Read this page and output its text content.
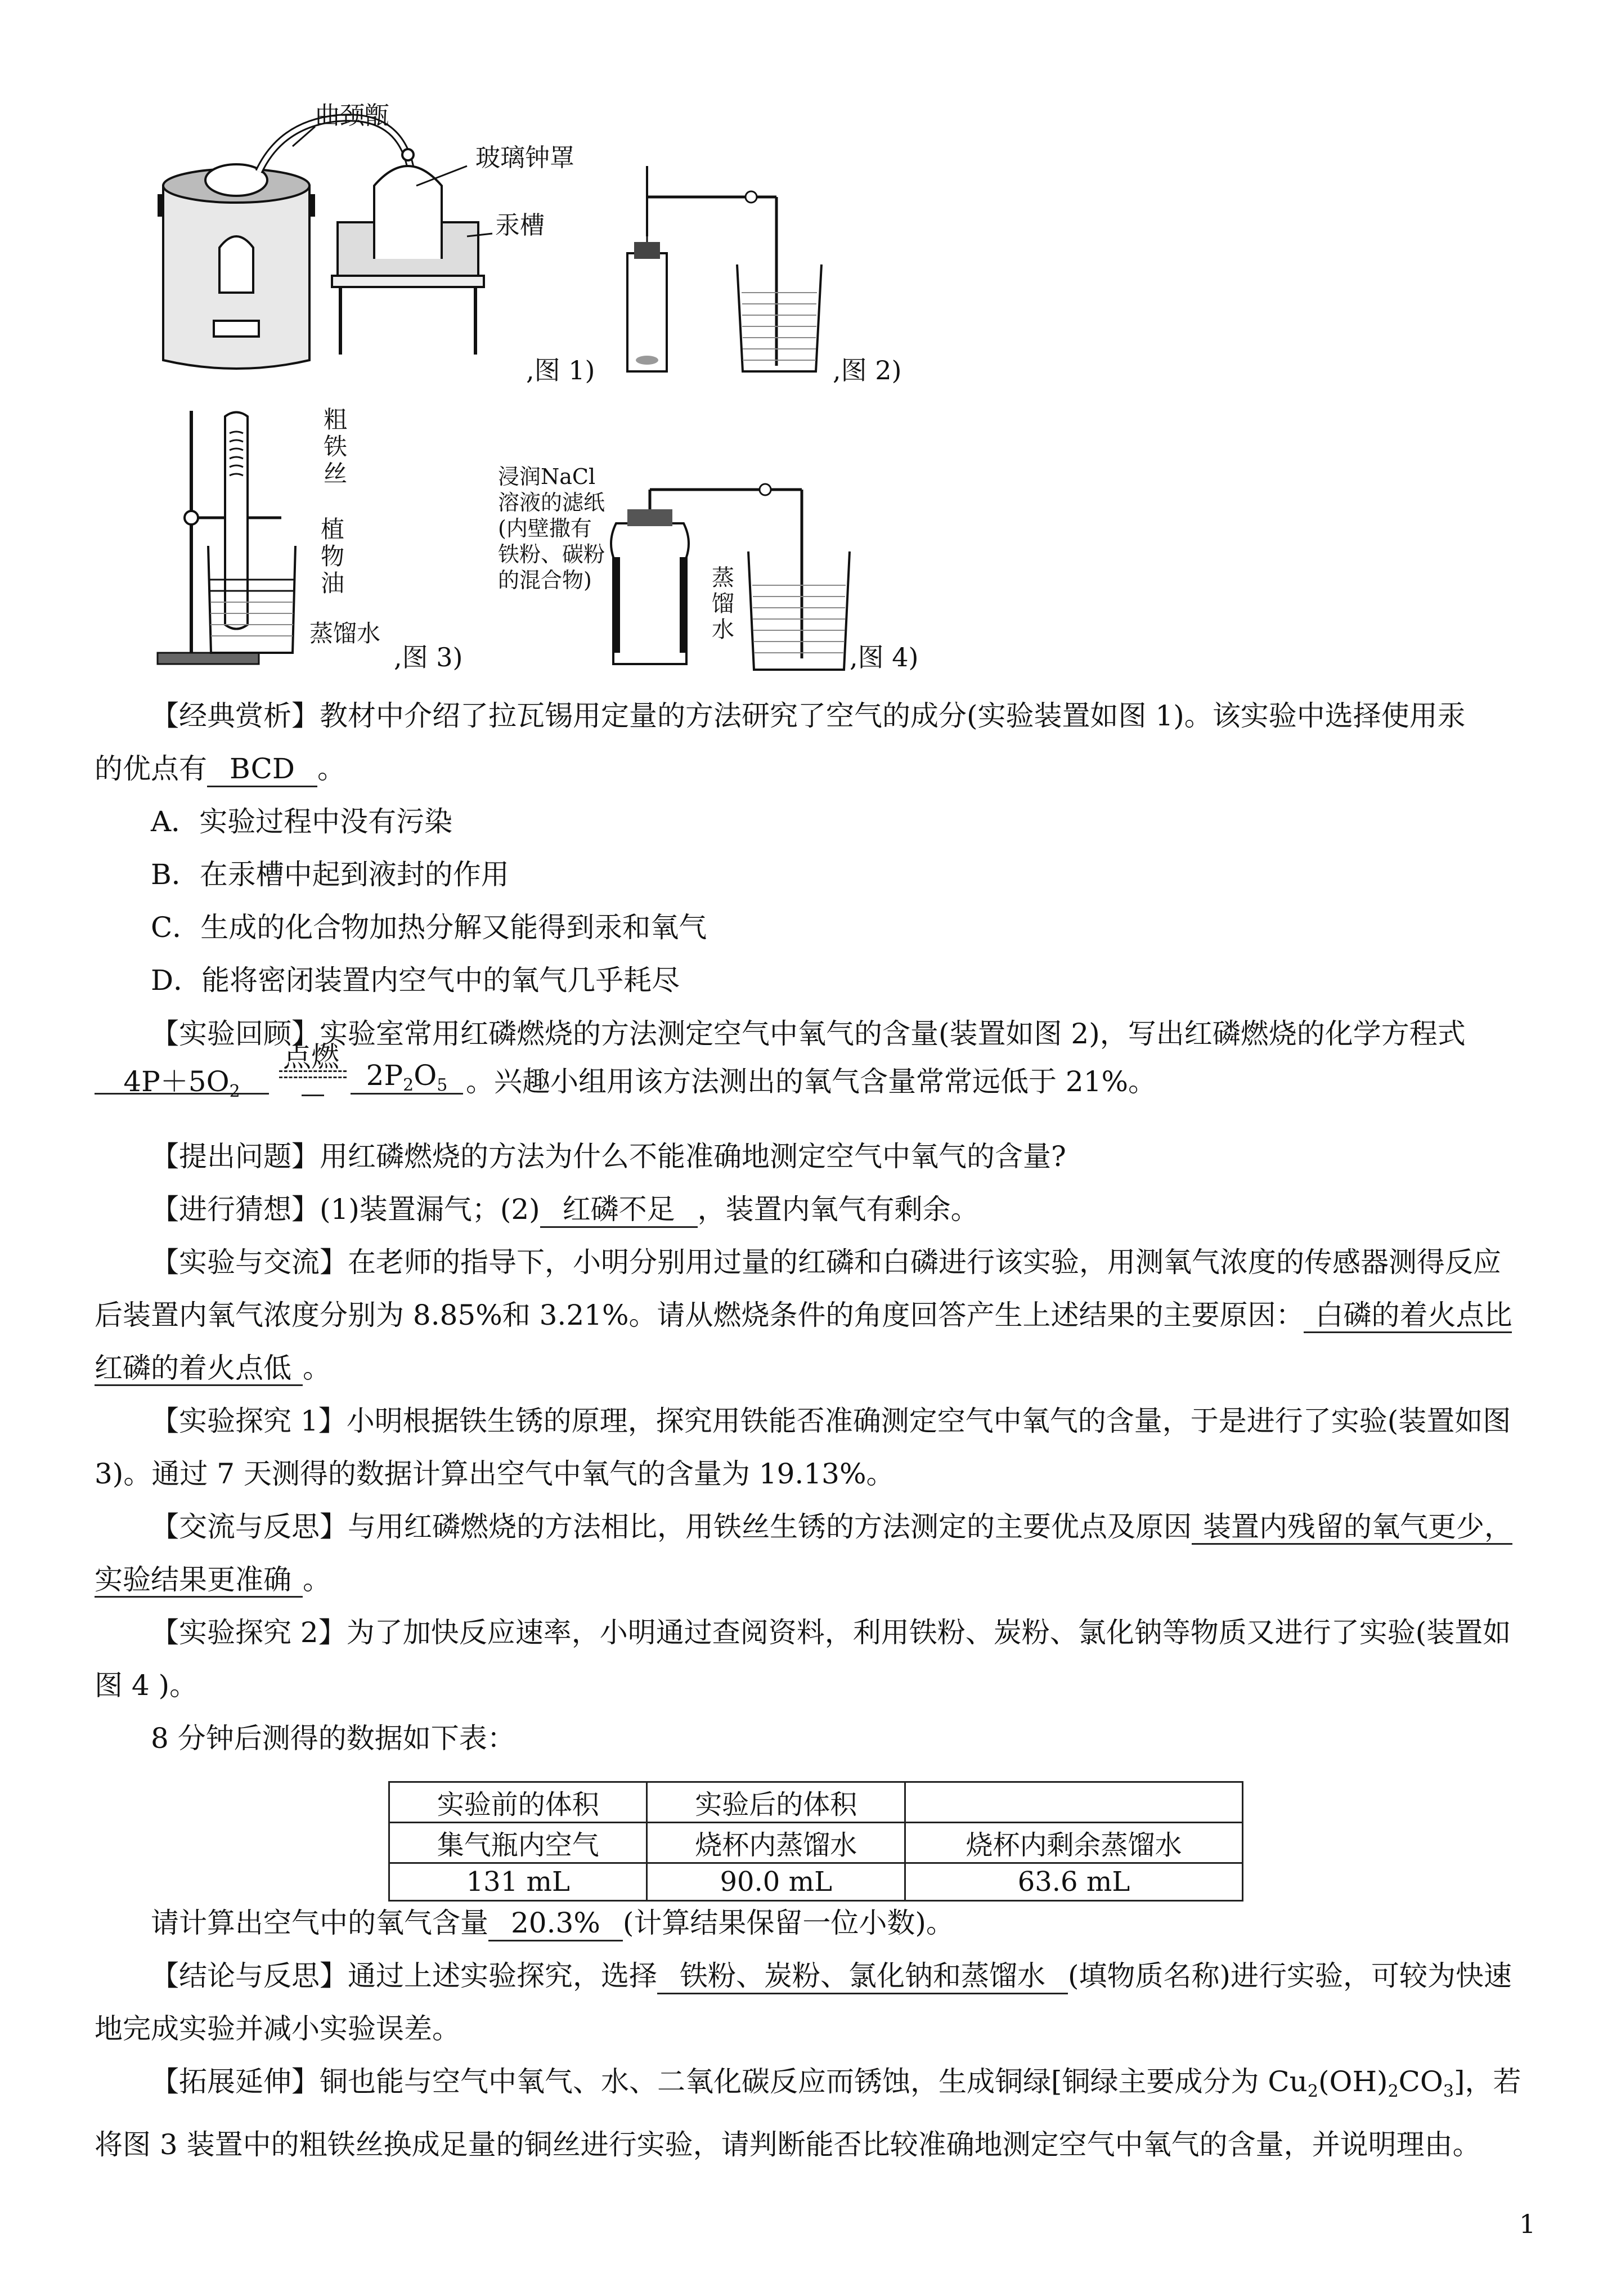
曲颈甑
玻璃钟罩
汞槽
,图 1)	,图 2)
粗
铁
丝
植
物
油
蒸馏水
,图 3)
浸润NaCl
溶液的滤纸
(内壁撒有
铁粉、碳粉
的混合物)	蒸
馏
水
,图 4)
【经典赏析】教材中介绍了拉瓦锡用定量的方法研究了空气的成分(实验装置如图 1)。该实验中选择使用汞
的优点有 BCD 。
A．实验过程中没有污染
B．在汞槽中起到液封的作用
C．生成的化合物加热分解又能得到汞和氧气
D．能将密闭装置内空气中的氧气几乎耗尽
【实验回顾】实验室常用红磷燃烧的方法测定空气中氧气的含量(装置如图 2)，写出红磷燃烧的化学方程式
$4P+5O_2$
点燃
$2P_2O_5$ 。兴趣小组用该方法测出的氧气含量常常远低于 21%。
【提出问题】用红磷燃烧的方法为什么不能准确地测定空气中氧气的含量?
【进行猜想】(1)装置漏气；(2) 红磷不足 ，装置内氧气有剩余。
【实验与交流】在老师的指导下，小明分别用过量的红磷和白磷进行该实验，用测氧气浓度的传感器测得反应后装置内氧气浓度分别为 8.85%和 3.21%。请从燃烧条件的角度回答产生上述结果的主要原因： 白磷的着火点比红磷的着火点低 。
【实验探究 1】小明根据铁生锈的原理，探究用铁能否准确测定空气中氧气的含量，于是进行了实验(装置如图 3)。通过 7 天测得的数据计算出空气中氧气的含量为 19.13%。
【交流与反思】与用红磷燃烧的方法相比，用铁丝生锈的方法测定的主要优点及原因 装置内残留的氧气更少，实验结果更准确 。
【实验探究 2】为了加快反应速率，小明通过查阅资料，利用铁粉、炭粉、氯化钠等物质又进行了实验(装置如图 4 )。
8 分钟后测得的数据如下表：
实验前的体积	实验后的体积	
集气瓶内空气	烧杯内蒸馏水	烧杯内剩余蒸馏水
131 mL	90.0 mL	63.6 mL
请计算出空气中的氧气含量 20.3% (计算结果保留一位小数)。
【结论与反思】通过上述实验探究，选择 铁粉、炭粉、氯化钠和蒸馏水 (填物质名称)进行实验，可较为快速地完成实验并减小实验误差。
【拓展延伸】铜也能与空气中氧气、水、二氧化碳反应而锈蚀，生成铜绿[铜绿主要成分为 $Cu_2(OH)_2CO_3$]，若将图 3 装置中的粗铁丝换成足量的铜丝进行实验，请判断能否比较准确地测定空气中氧气的含量，并说明理由。
1
